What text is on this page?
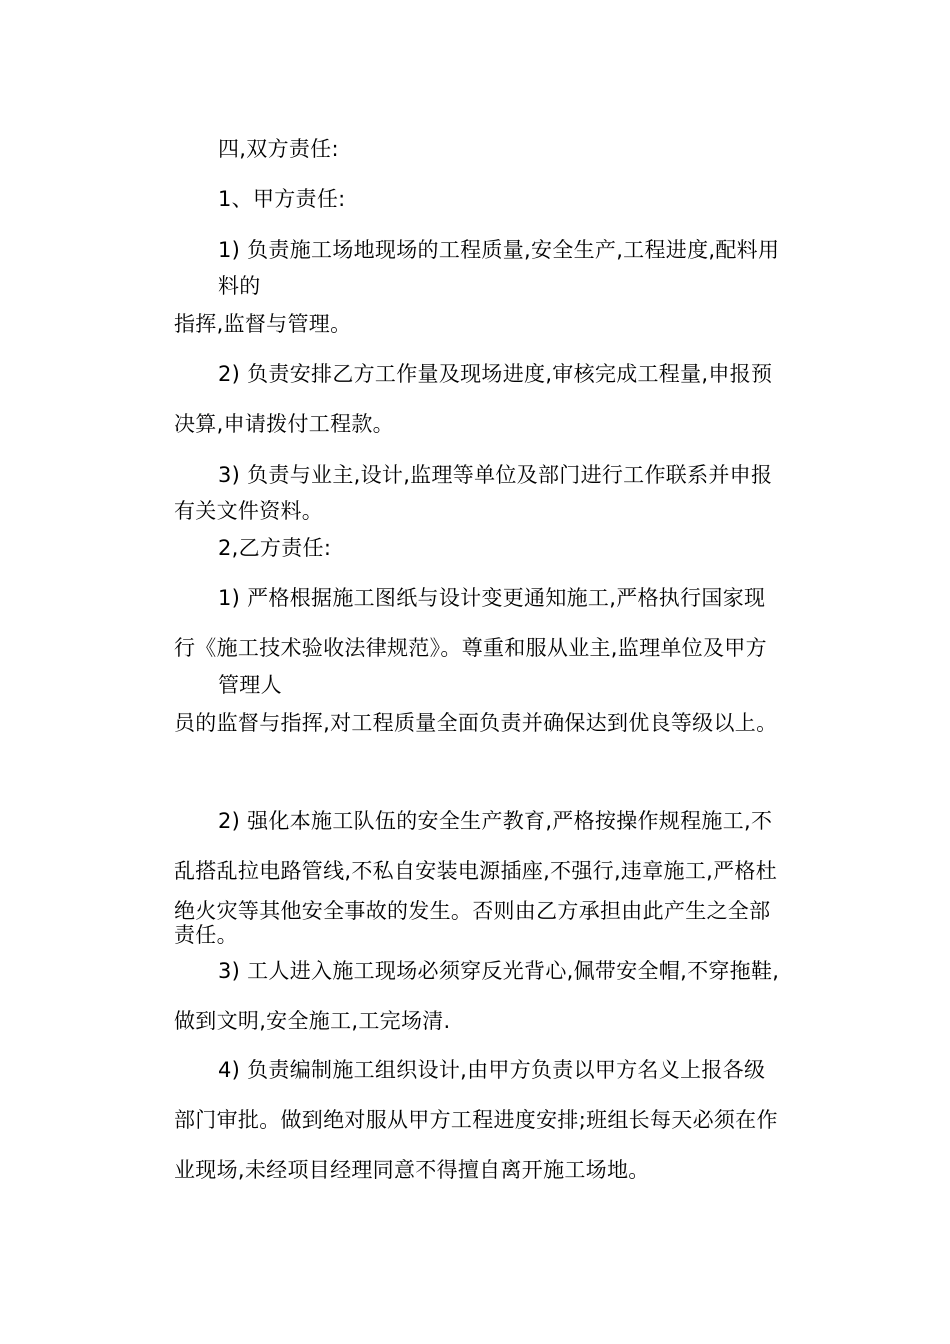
四,双方责任:
1、甲方责任:
1) 负责施工场地现场的工程质量,安全生产,工程进度,配料用
料的
指挥,监督与管理。
2) 负责安排乙方工作量及现场进度,审核完成工程量,申报预
决算,申请拨付工程款。
3) 负责与业主,设计,监理等单位及部门进行工作联系并申报
有关文件资料。
2,乙方责任:
1) 严格根据施工图纸与设计变更通知施工,严格执行国家现
行《施工技术验收法律规范》。尊重和服从业主,监理单位及甲方
管理人
员的监督与指挥,对工程质量全面负责并确保达到优良等级以上。
2) 强化本施工队伍的安全生产教育,严格按操作规程施工,不
乱搭乱拉电路管线,不私自安装电源插座,不强行,违章施工,严格杜
绝火灾等其他安全事故的发生。否则由乙方承担由此产生之全部
责任。
3) 工人进入施工现场必须穿反光背心,佩带安全帽,不穿拖鞋,
做到文明,安全施工,工完场清.
4) 负责编制施工组织设计,由甲方负责以甲方名义上报各级
部门审批。做到绝对服从甲方工程进度安排;班组长每天必须在作
业现场,未经项目经理同意不得擅自离开施工场地。
